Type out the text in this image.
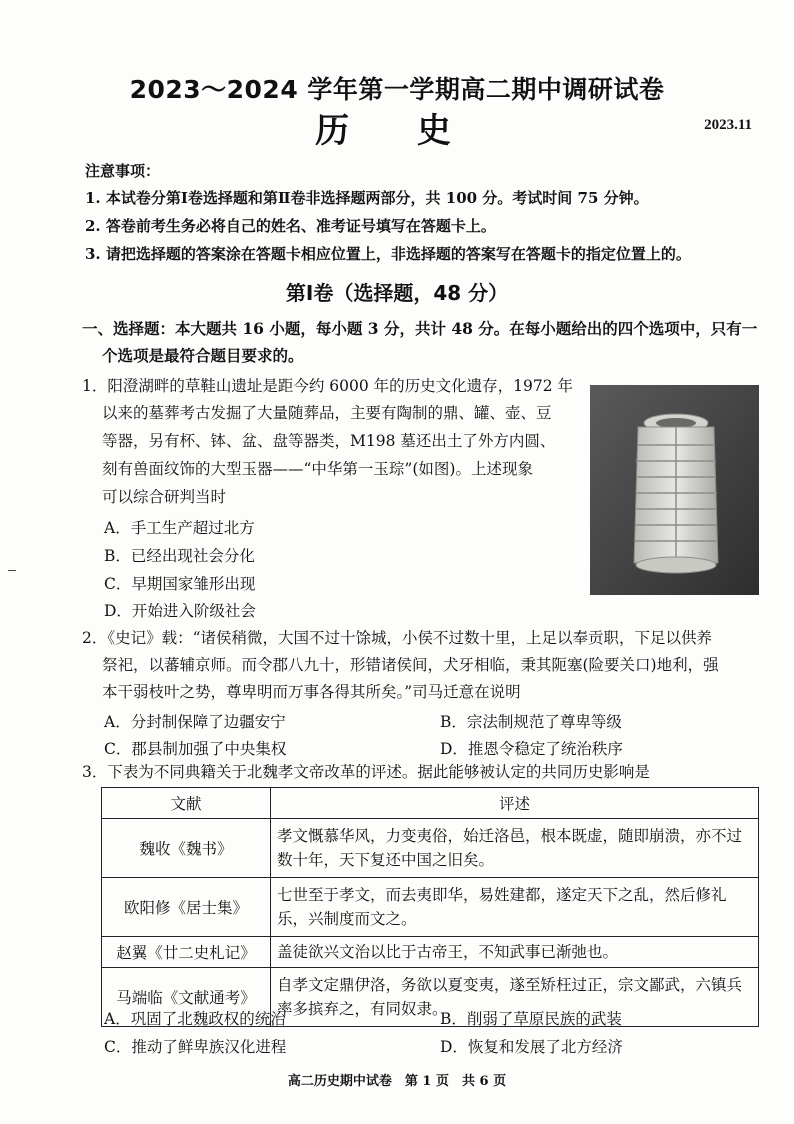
2023～2024 学年第一学期高二期中调研试卷
历 史	2023.11
注意事项：
1. 本试卷分第Ⅰ卷选择题和第Ⅱ卷非选择题两部分，共 100 分。考试时间 75 分钟。
2. 答卷前考生务必将自己的姓名、准考证号填写在答题卡上。
3. 请把选择题的答案涂在答题卡相应位置上，非选择题的答案写在答题卡的指定位置上的。
第Ⅰ卷（选择题，48 分）
一、选择题：本大题共 16 小题，每小题 3 分，共计 48 分。在每小题给出的四个选项中，只有一
个选项是最符合题目要求的。
1．阳澄湖畔的草鞋山遗址是距今约 6000 年的历史文化遗存，1972 年
以来的墓葬考古发掘了大量随葬品，主要有陶制的鼎、罐、壶、豆
等器，另有杯、钵、盆、盘等器类，M198 墓还出土了外方内圆、
刻有兽面纹饰的大型玉器——“中华第一玉琮”(如图)。上述现象
可以综合研判当时
A．手工生产超过北方
B．已经出现社会分化
C．早期国家雏形出现
D．开始进入阶级社会
2．《史记》载：“诸侯稍微，大国不过十馀城，小侯不过数十里，上足以奉贡职，下足以供养
祭祀，以蕃辅京师。而令郡八九十，形错诸侯间，犬牙相临，秉其阨塞(险要关口)地利，强
本干弱枝叶之势，尊卑明而万事各得其所矣。”司马迁意在说明
A．分封制保障了边疆安宁	B．宗法制规范了尊卑等级
C．郡县制加强了中央集权	D．推恩令稳定了统治秩序
3．下表为不同典籍关于北魏孝文帝改革的评述。据此能够被认定的共同历史影响是
文献	评述
魏收《魏书》	孝文慨慕华风，力变夷俗，始迁洛邑，根本既虚，随即崩溃，亦不过数十年，天下复还中国之旧矣。
欧阳修《居士集》	七世至于孝文，而去夷即华，易姓建都，遂定天下之乱，然后修礼乐，兴制度而文之。
赵翼《廿二史札记》	盖徒欲兴文治以比于古帝王，不知武事已渐弛也。
马端临《文献通考》	自孝文定鼎伊洛，务欲以夏变夷，遂至矫枉过正，宗文鄙武，六镇兵率多摈弃之，有同奴隶。
A．巩固了北魏政权的统治	B．削弱了草原民族的武装
C．推动了鲜卑族汉化进程	D．恢复和发展了北方经济
高二历史期中试卷　第 1 页　共 6 页
